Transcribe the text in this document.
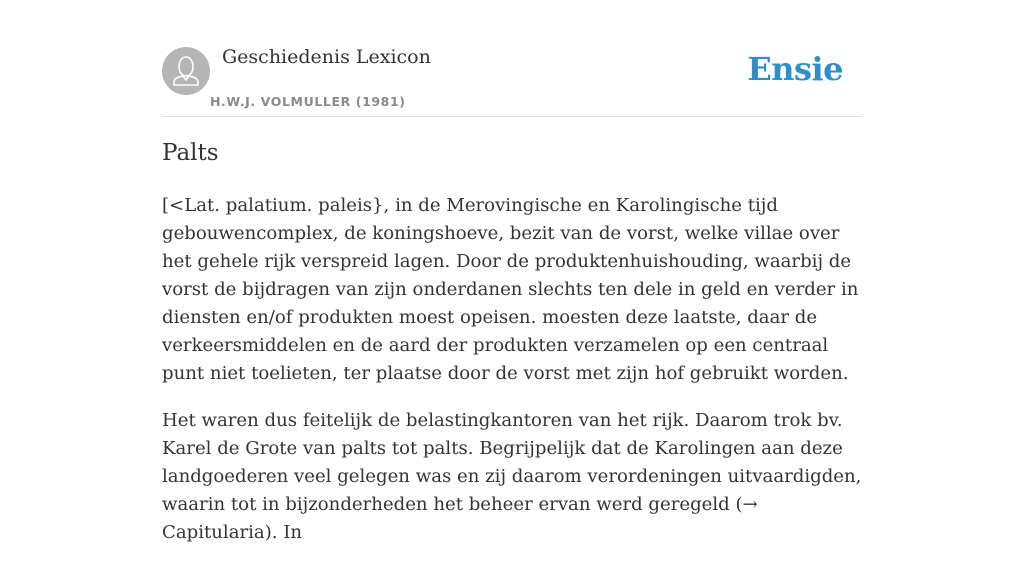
Geschiedenis Lexicon
H.W.J. VOLMULLER (1981)
Ensie
Palts

[<Lat. palatium. paleis}, in de Merovingische en Karolingische tijd gebouwencomplex, de koningshoeve, bezit van de vorst, welke villae over het gehele rijk verspreid lagen. Door de produktenhuishouding, waarbij de vorst de bijdragen van zijn onderdanen slechts ten dele in geld en verder in diensten en/of produkten moest opeisen. moesten deze laatste, daar de verkeersmiddelen en de aard der produkten verzamelen op een centraal punt niet toelieten, ter plaatse door de vorst met zijn hof gebruikt worden.

Het waren dus feitelijk de belastingkantoren van het rijk. Daarom trok bv. Karel de Grote van palts tot palts. Begrijpelijk dat de Karolingen aan deze landgoederen veel gelegen was en zij daarom verordeningen uitvaardigden, waarin tot in bijzonderheden het beheer ervan werd geregeld (→ Capitularia). In
